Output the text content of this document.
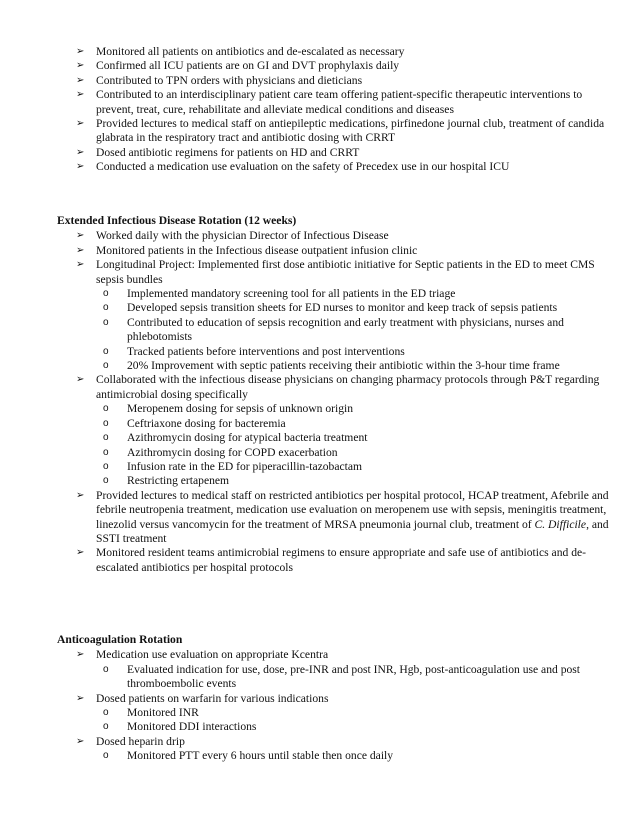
➢ Monitored all patients on antibiotics and de-escalated as necessary
➢ Confirmed all ICU patients are on GI and DVT prophylaxis daily
➢ Contributed to TPN orders with physicians and dieticians
➢ Contributed to an interdisciplinary patient care team offering patient-specific therapeutic interventions to prevent, treat, cure, rehabilitate and alleviate medical conditions and diseases
➢ Provided lectures to medical staff on antiepileptic medications, pirfinedone journal club, treatment of candida glabrata in the respiratory tract and antibiotic dosing with CRRT
➢ Dosed antibiotic regimens for patients on HD and CRRT
➢ Conducted a medication use evaluation on the safety of Precedex use in our hospital ICU
Extended Infectious Disease Rotation (12 weeks)
➢ Worked daily with the physician Director of Infectious Disease
➢ Monitored patients in the Infectious disease outpatient infusion clinic
➢ Longitudinal Project: Implemented first dose antibiotic initiative for Septic patients in the ED to meet CMS sepsis bundles
o Implemented mandatory screening tool for all patients in the ED triage
o Developed sepsis transition sheets for ED nurses to monitor and keep track of sepsis patients
o Contributed to education of sepsis recognition and early treatment with physicians, nurses and phlebotomists
o Tracked patients before interventions and post interventions
o 20% Improvement with septic patients receiving their antibiotic within the 3-hour time frame
➢ Collaborated with the infectious disease physicians on changing pharmacy protocols through P&T regarding antimicrobial dosing specifically
o Meropenem dosing for sepsis of unknown origin
o Ceftriaxone dosing for bacteremia
o Azithromycin dosing for atypical bacteria treatment
o Azithromycin dosing for COPD exacerbation
o Infusion rate in the ED for piperacillin-tazobactam
o Restricting ertapenem
➢ Provided lectures to medical staff on restricted antibiotics per hospital protocol, HCAP treatment, Afebrile and febrile neutropenia treatment, medication use evaluation on meropenem use with sepsis, meningitis treatment, linezolid versus vancomycin for the treatment of MRSA pneumonia journal club, treatment of C. Difficile, and SSTI treatment
➢ Monitored resident teams antimicrobial regimens to ensure appropriate and safe use of antibiotics and de-escalated antibiotics per hospital protocols
Anticoagulation Rotation
➢ Medication use evaluation on appropriate Kcentra
o Evaluated indication for use, dose, pre-INR and post INR, Hgb, post-anticoagulation use and post thromboembolic events
➢ Dosed patients on warfarin for various indications
o Monitored INR
o Monitored DDI interactions
➢ Dosed heparin drip
o Monitored PTT every 6 hours until stable then once daily
